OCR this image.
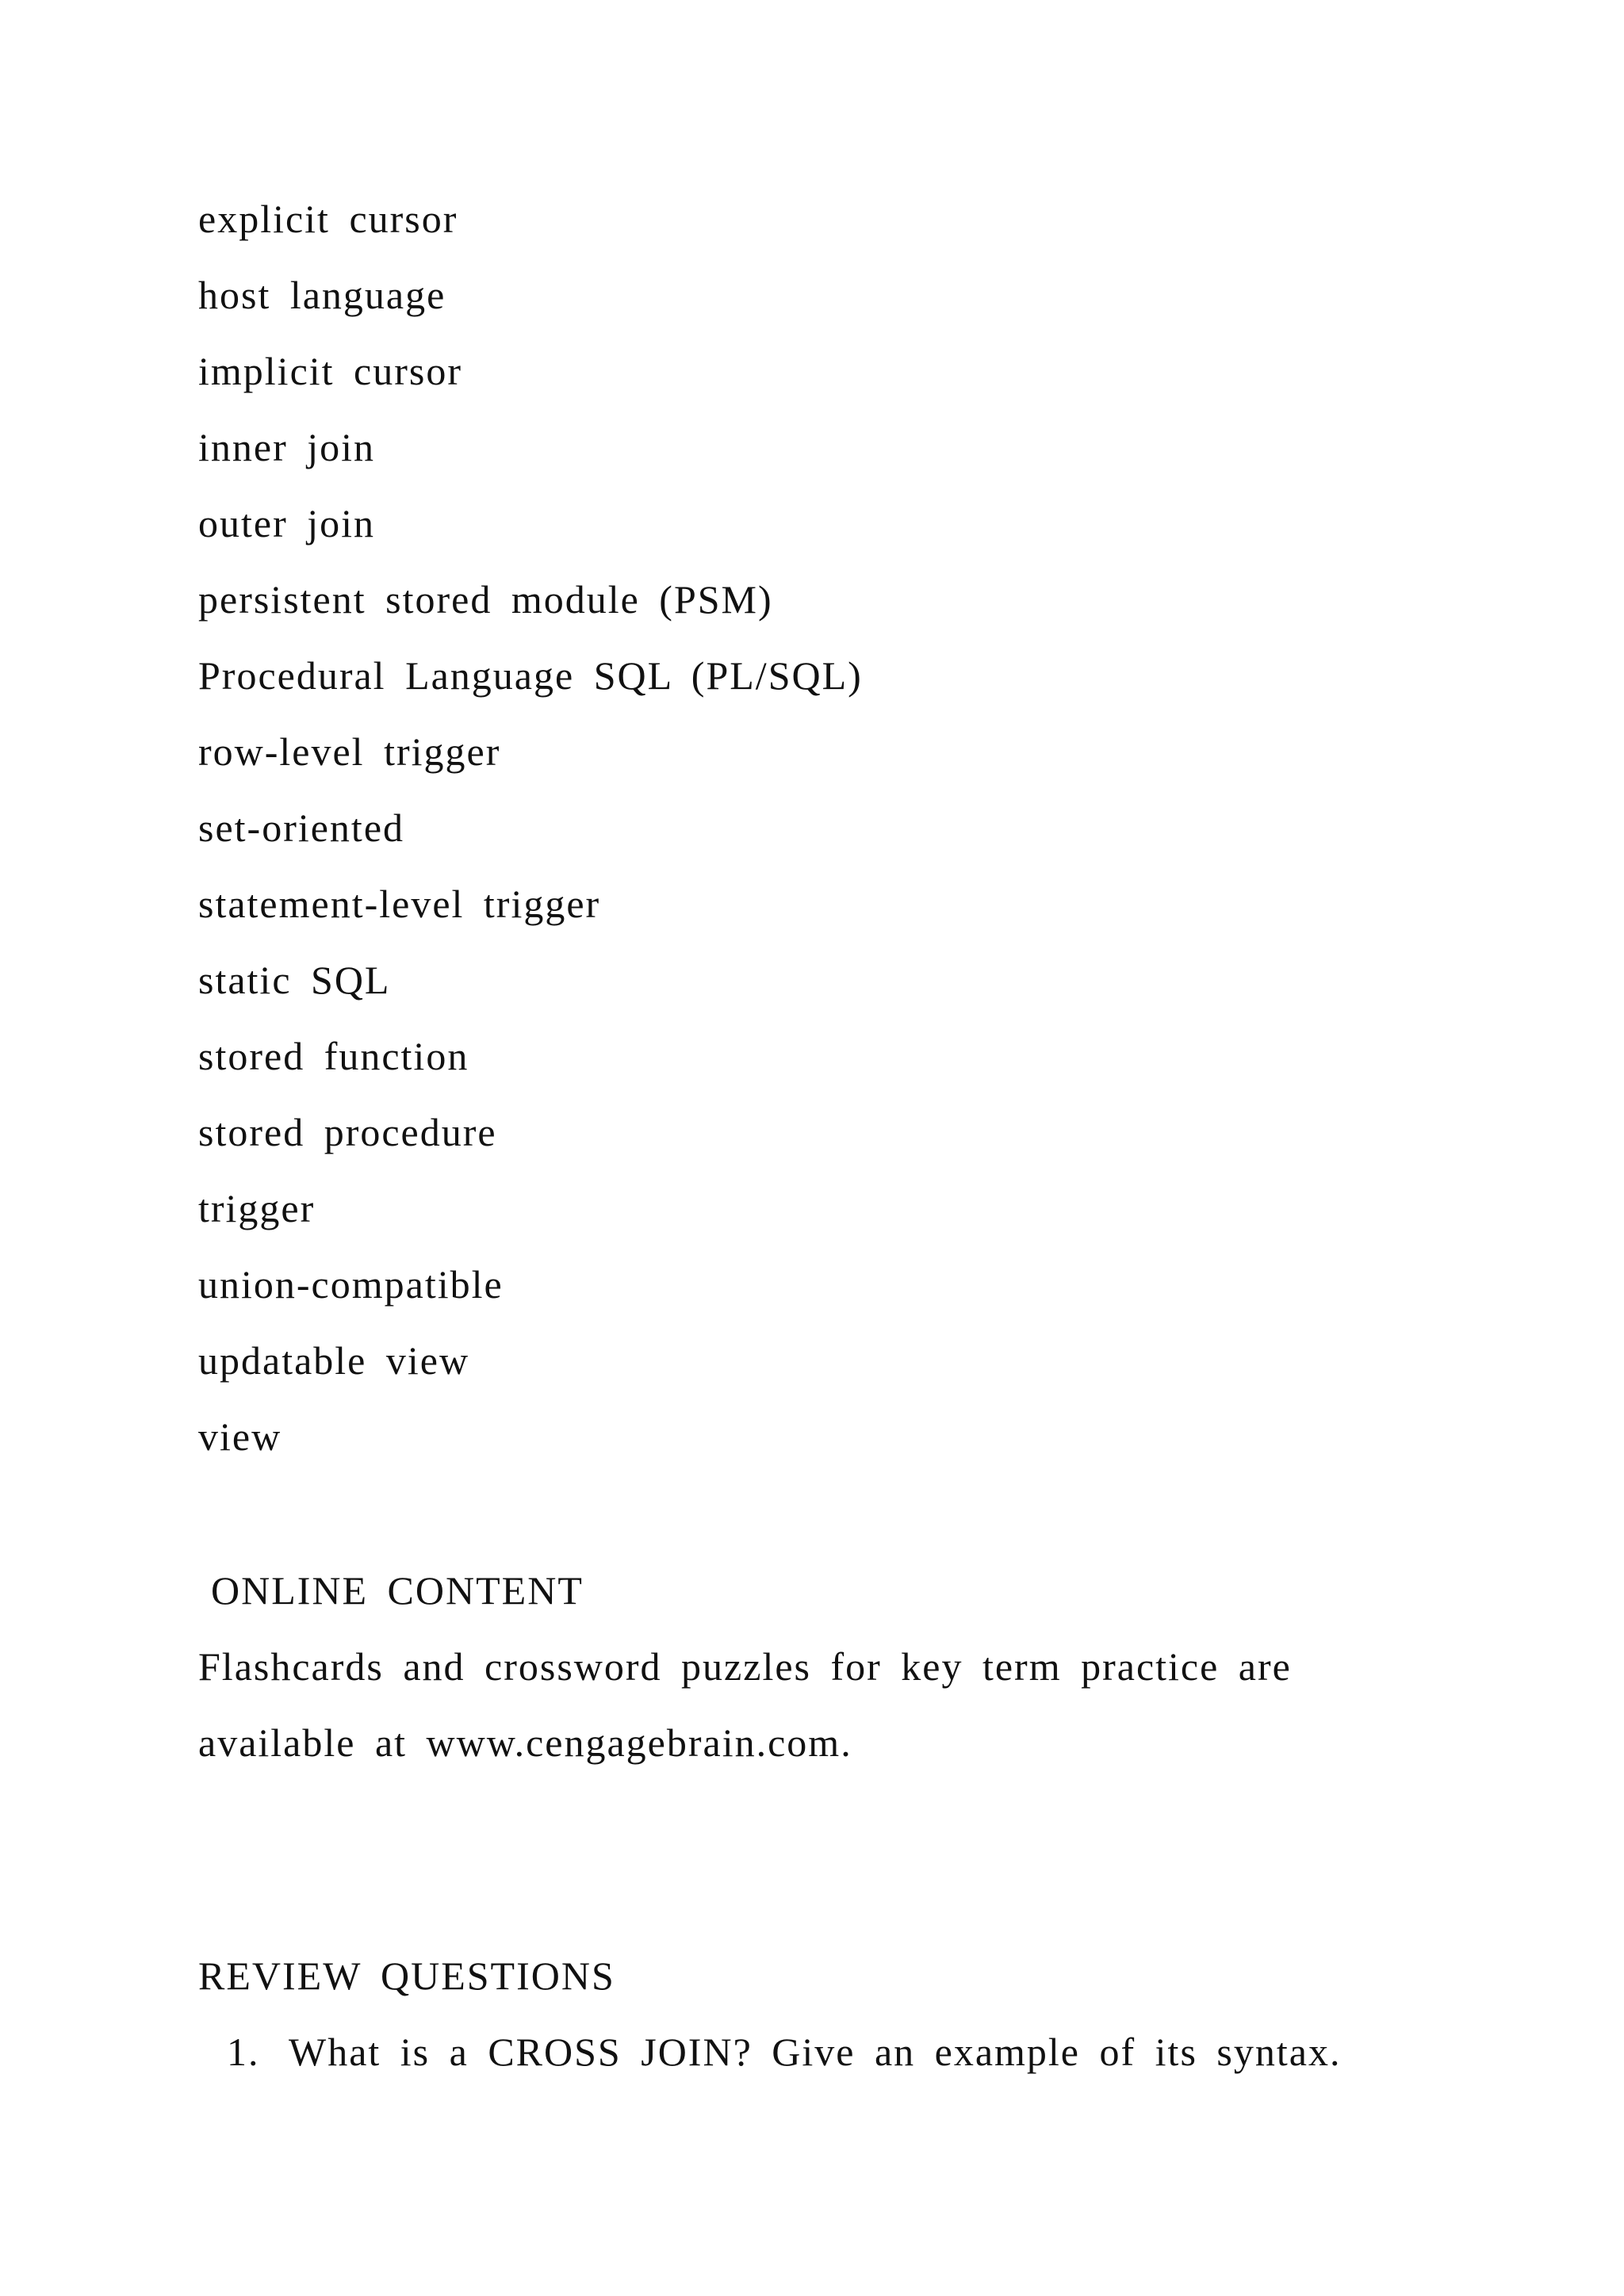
explicit cursor
host language
implicit cursor
inner join
outer join
persistent stored module (PSM)
Procedural Language SQL (PL/SQL)
row-level trigger
set-oriented
statement-level trigger
static SQL
stored function
stored procedure
trigger
union-compatible
updatable view
view
ONLINE CONTENT
Flashcards and crossword puzzles for key term practice are
available at www.cengagebrain.com.
REVIEW QUESTIONS
1. What is a CROSS JOIN? Give an example of its syntax.
